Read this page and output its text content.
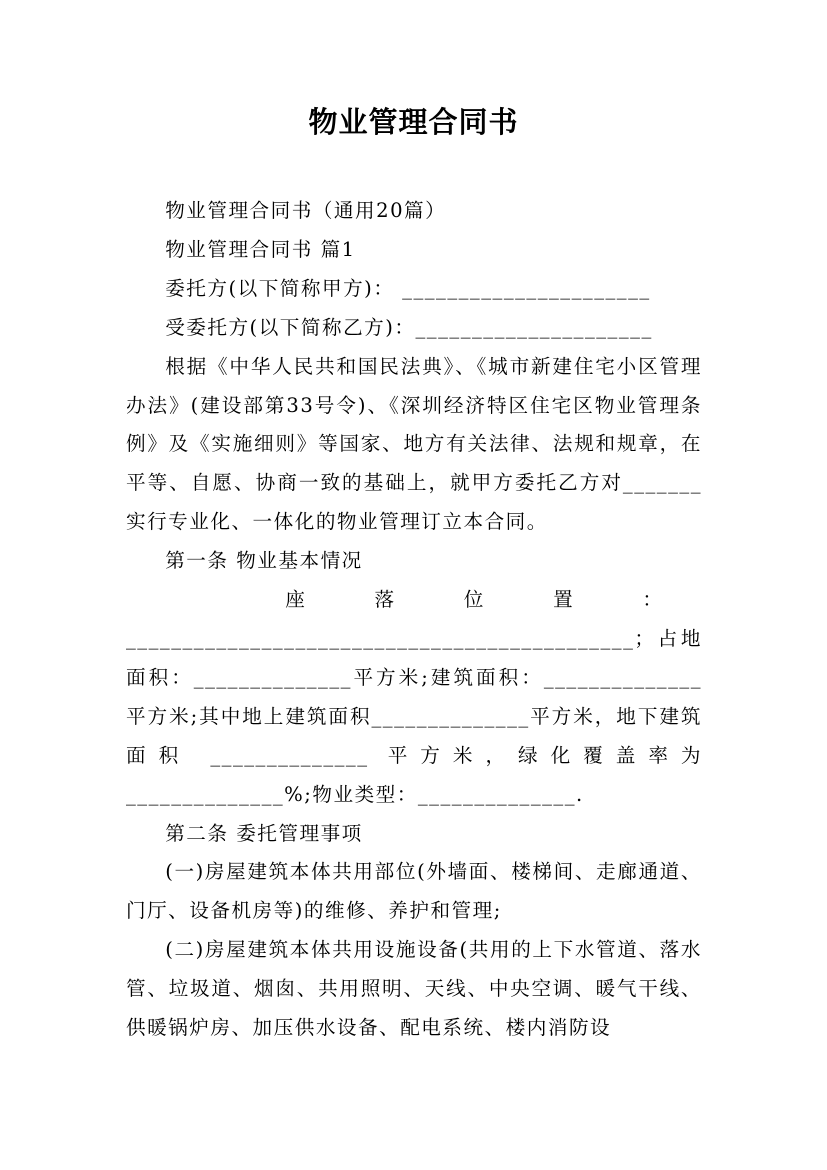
物业管理合同书

物业管理合同书（通用20篇）

物业管理合同书 篇1

委托方(以下简称甲方)： ______________________

受委托方(以下简称乙方)：_____________________

根据《中华人民共和国民法典》、《城市新建住宅小区管理办法》(建设部第33号令)、《深圳经济特区住宅区物业管理条例》及《实施细则》等国家、地方有关法律、法规和规章，在平等、自愿、协商一致的基础上，就甲方委托乙方对_______实行专业化、一体化的物业管理订立本合同。

第一条 物业基本情况

座落位置：

_____________________________________________；占地面积：______________平方米;建筑面积：______________平方米;其中地上建筑面积______________平方米，地下建筑面积 ______________ 平方米，绿化覆盖率为______________%;物业类型：______________.

第二条 委托管理事项

(一)房屋建筑本体共用部位(外墙面、楼梯间、走廊通道、门厅、设备机房等)的维修、养护和管理;

(二)房屋建筑本体共用设施设备(共用的上下水管道、落水管、垃圾道、烟囱、共用照明、天线、中央空调、暖气干线、供暖锅炉房、加压供水设备、配电系统、楼内消防设
